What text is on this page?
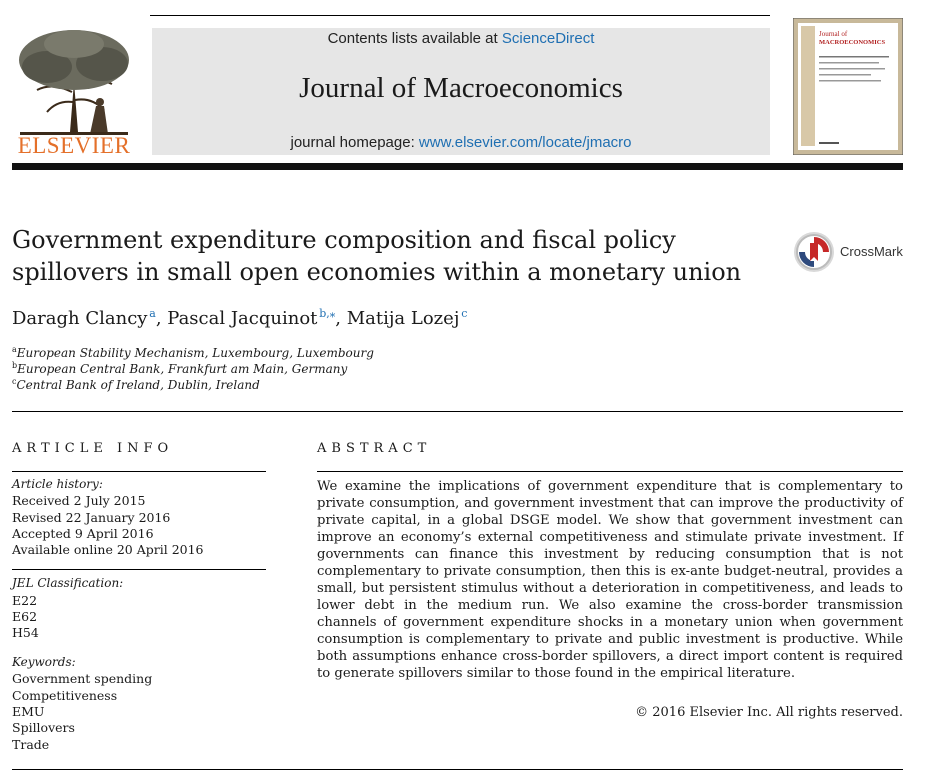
ELSEVIER
Contents lists available at ScienceDirect
Journal of Macroeconomics
journal homepage: www.elsevier.com/locate/jmacro
Journal of
MACROECONOMICS
Government expenditure composition and fiscal policy
spillovers in small open economies within a monetary union
CrossMark
Daragh Clancy  $^a$, Pascal Jacquinot  $^{b,⁎}$, Matija Lozej  $^c$
$^a$European Stability Mechanism, Luxembourg, Luxembourg
$^b$European Central Bank, Frankfurt am Main, Germany
$^c$Central Bank of Ireland, Dublin, Ireland
ARTICLE INFO
Article history:
Received 2 July 2015
Revised 22 January 2016
Accepted 9 April 2016
Available online 20 April 2016
JEL Classification:
E22
E62
H54
Keywords:
Government spending
Competitiveness
EMU
Spillovers
Trade
ABSTRACT
We examine the implications of government expenditure that is complementary to private consumption, and government investment that can improve the productivity of private capital, in a global DSGE model. We show that government investment can improve an economy’s external competitiveness and stimulate private investment. If governments can finance this investment by reducing consumption that is not complementary to private consumption, then this is ex-ante budget-neutral, provides a small, but persistent stimulus without a deterioration in competitiveness, and leads to lower debt in the medium run. We also examine the cross-border transmission channels of government expenditure shocks in a monetary union when government consumption is complementary to private and public investment is productive. While both assumptions enhance cross-border spillovers, a direct import content is required to generate spillovers similar to those found in the empirical literature.
© 2016 Elsevier Inc. All rights reserved.
